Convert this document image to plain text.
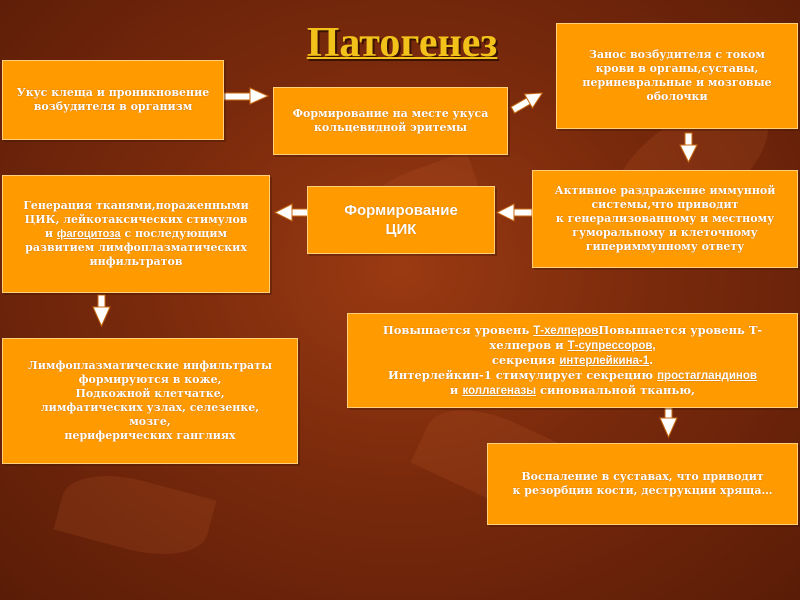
Патогенез
Укус клеща и проникновение возбудителя в организм
Формирование на месте укуса кольцевидной эритемы
Занос возбудителя с током
крови в органы,суставы,
периневральные и мозговые
оболочки
Активное раздражение иммунной
системы,что приводит
к генерализованному и местному
гуморальному и клеточному
гипериммунному ответу
Формирование
ЦИК
Генерация тканями,пораженными
ЦИК, лейкотаксических стимулов
и фагоцитоза с последующим
развитием лимфоплазматических
инфильтратов
Лимфоплазматические инфильтраты
формируются в коже,
Подкожной клетчатке,
лимфатических узлах, селезенке,
мозге,
периферических ганглиях
Повышается уровень Т-хелперовПовышается уровень Т-хелперов и Т-супрессоров,
секреция интерлейкина-1.
Интерлейкин-1 стимулирует секрецию простагландинов
и коллагеназы синовиальной тканью,
Воспаление в суставах, что приводит
к резорбции кости, деструкции хряща…
